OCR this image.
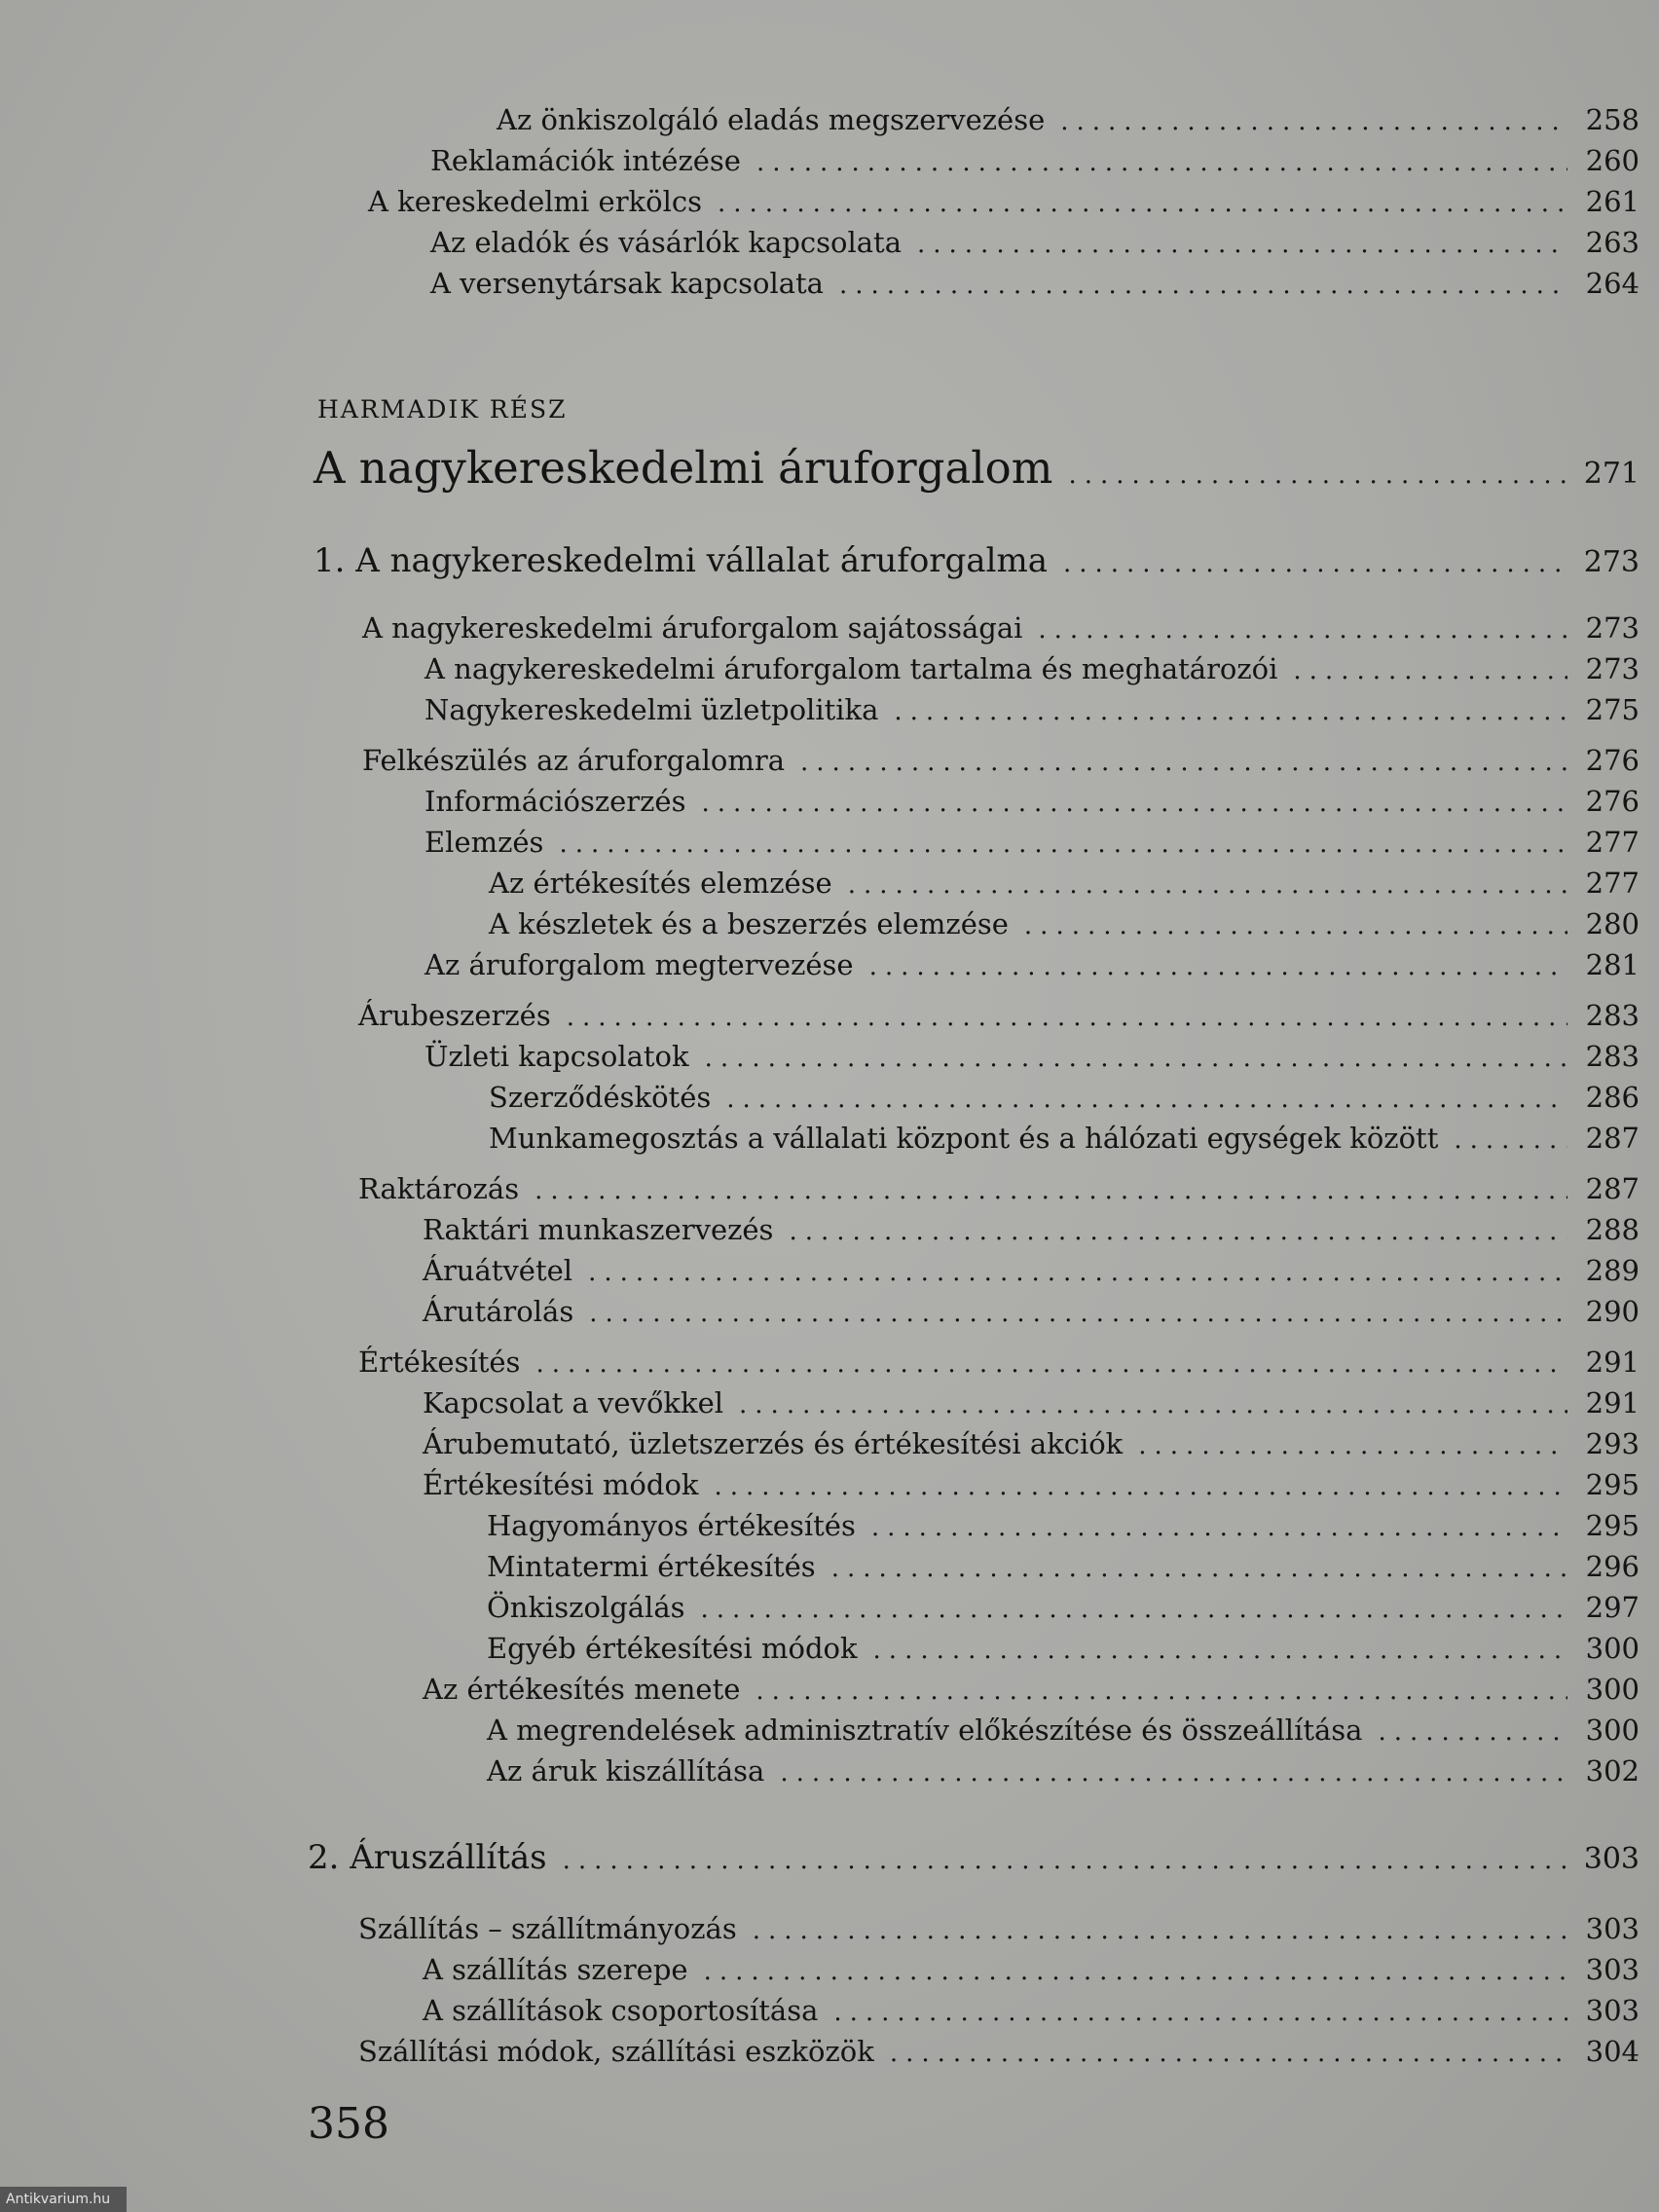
Az önkiszolgáló eladás megszervezése .....	258
Reklamációk intézése .....	260
A kereskedelmi erkölcs .....	261
Az eladók és vásárlók kapcsolata .....	263
A versenytársak kapcsolata .....	264
HARMADIK RÉSZ
A nagykereskedelmi áruforgalom .....	271
1. A nagykereskedelmi vállalat áruforgalma .....	273
A nagykereskedelmi áruforgalom sajátosságai .....	273
A nagykereskedelmi áruforgalom tartalma és meghatározói .....	273
Nagykereskedelmi üzletpolitika .....	275
Felkészülés az áruforgalomra .....	276
Információszerzés .....	276
Elemzés .....	277
Az értékesítés elemzése .....	277
A készletek és a beszerzés elemzése .....	280
Az áruforgalom megtervezése .....	281
Árubeszerzés .....	283
Üzleti kapcsolatok .....	283
Szerződéskötés .....	286
Munkamegosztás a vállalati központ és a hálózati egységek között .....	287
Raktározás .....	287
Raktári munkaszervezés .....	288
Áruátvétel .....	289
Árutárolás .....	290
Értékesítés .....	291
Kapcsolat a vevőkkel .....	291
Árubemutató, üzletszerzés és értékesítési akciók .....	293
Értékesítési módok .....	295
Hagyományos értékesítés .....	295
Mintatermi értékesítés .....	296
Önkiszolgálás .....	297
Egyéb értékesítési módok .....	300
Az értékesítés menete .....	300
A megrendelések adminisztratív előkészítése és összeállítása .....	300
Az áruk kiszállítása .....	302
2. Áruszállítás .....	303
Szállítás – szállítmányozás .....	303
A szállítás szerepe .....	303
A szállítások csoportosítása .....	303
Szállítási módok, szállítási eszközök .....	304
358
Antikvarium.hu
